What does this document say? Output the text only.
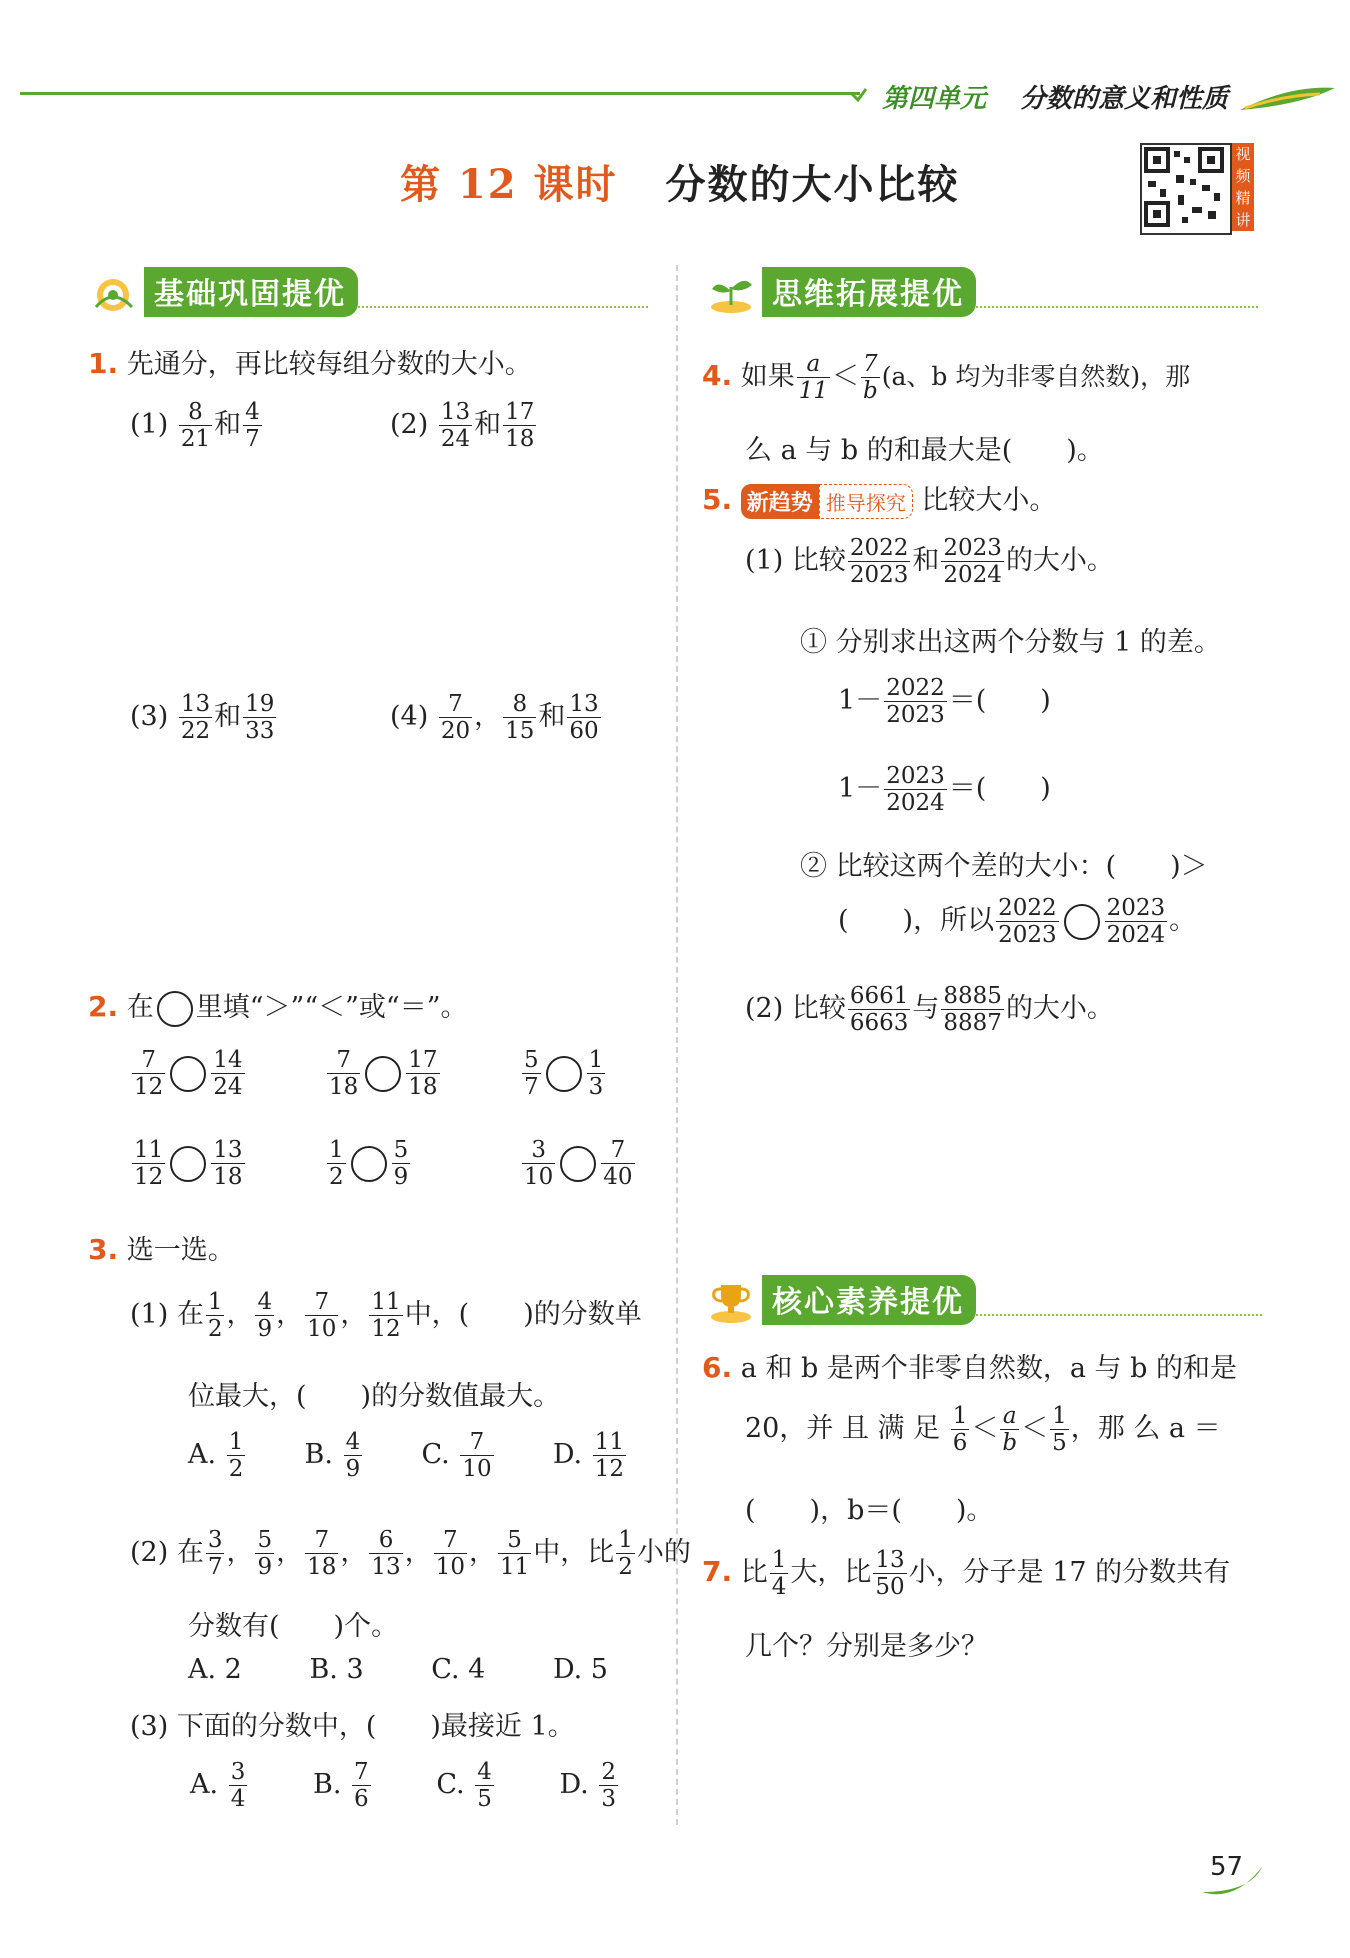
第四单元 分数的意义和性质
第 12 课时 分数的大小比较
视频精讲
基础巩固提优
1. 先通分，再比较每组分数的大小。
$(1) \frac{8}{21}$ 和 $\frac{4}{7}$	$(2) \frac{13}{24}$ 和 $\frac{17}{18}$
$(3) \frac{13}{22}$ 和 $\frac{19}{33}$	$(4) \frac{7}{20}$ ， $\frac{8}{15}$ 和 $\frac{13}{60}$
2. 在 里填“＞”“＜”或“＝”。
$\frac{7}{12} \frac{14}{24}$	$\frac{7}{18} \frac{17}{18}$	$\frac{5}{7} \frac{1}{3}$
$\frac{11}{12} \frac{13}{18}$	$\frac{1}{2} \frac{5}{9}$	$\frac{3}{10} \frac{7}{40}$
3. 选一选。
(1) 在 $\frac{1}{2}$ ， $\frac{4}{9}$ ， $\frac{7}{10}$ ， $\frac{11}{12}$ 中，(　　)的分数单
位最大，(　　)的分数值最大。
A. $\frac{1}{2} B$. $\frac{4}{9} C$. $\frac{7}{10} D$. $\frac{11}{12}$
(2) 在 $\frac{3}{7}$ ， $\frac{5}{9}$ ， $\frac{7}{18}$ ， $\frac{6}{13}$ ， $\frac{7}{10}$ ， $\frac{5}{11}$ 中，比 $\frac{1}{2}$ 小的
分数有(　　)个。
A. 2	B. 3	C. 4	D. 5
(3) 下面的分数中，(　　)最接近 1。
A. $\frac{3}{4} B$. $\frac{7}{6} C$. $\frac{4}{5} D$. $\frac{2}{3}$
思维拓展提优
4. 如果 $\frac{a}{11} < \frac{7}{b} (a$、b 均为非零自然数)，那
么 a 与 b 的和最大是(　　)。
5. 新趋势 推导探究 比较大小。
(1) 比较 $\frac{2022}{2023}$ 和 $\frac{2023}{2024}$ 的大小。
① 分别求出这两个分数与 1 的差。
$1- \frac{2022}{2023}$ ＝(　　)
$1- \frac{2023}{2024}$ ＝(　　)
② 比较这两个差的大小：(　　)＞
(　　)，所以 $\frac{2022}{2023} \frac{2023}{2024}$ 。
(2) 比较 $\frac{6661}{6663}$ 与 $\frac{8885}{8887}$ 的大小。
核心素养提优
6. a 和 b 是两个非零自然数，a 与 b 的和是
20，并 且 满 足 $\frac{1}{6} < \frac{a}{b} < \frac{1}{5}$ ，那 么 a ＝
(　　)，b＝(　　)。
7. 比 $\frac{1}{4}$ 大，比 $\frac{13}{50}$ 小，分子是 17 的分数共有
几个？分别是多少？
57
